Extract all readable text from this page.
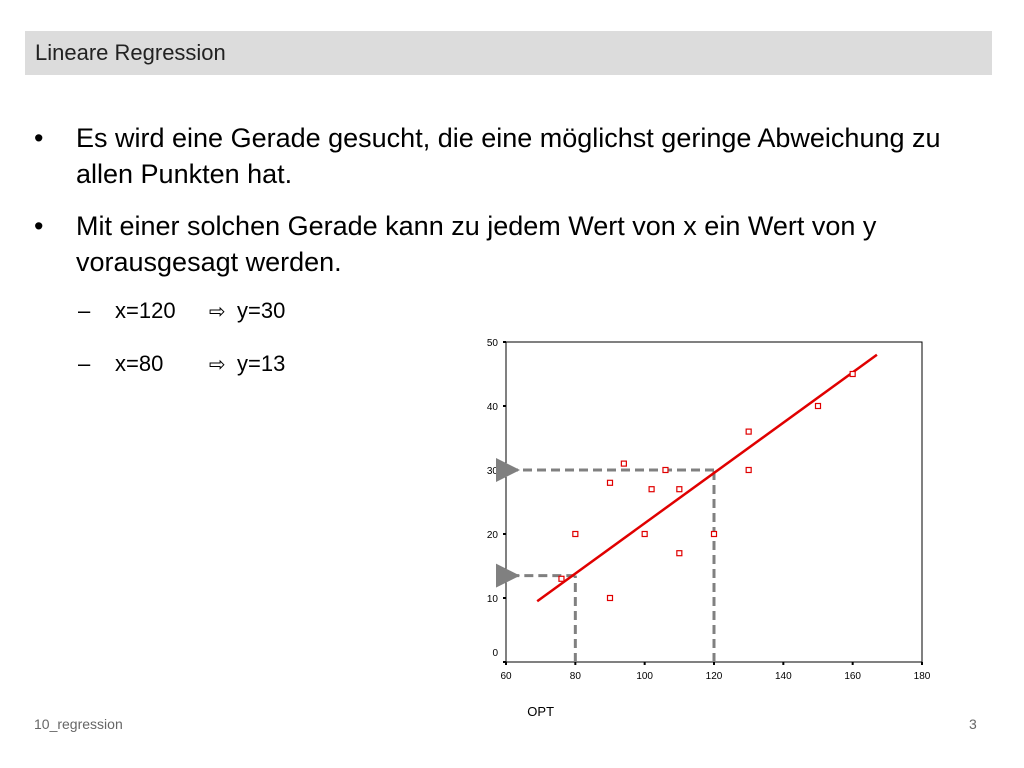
Lineare Regression
• Es wird eine Gerade gesucht, die eine möglichst geringe Abweichung zu allen Punkten hat.
• Mit einer solchen Gerade kann zu jedem Wert von x ein Wert von y vorausgesagt werden.
– x=120 ⇨ y=30
– x=80 ⇨ y=13
60	80	100	120	140	160	180
0
10
20
30
40
50
OPT
10_regression	3
